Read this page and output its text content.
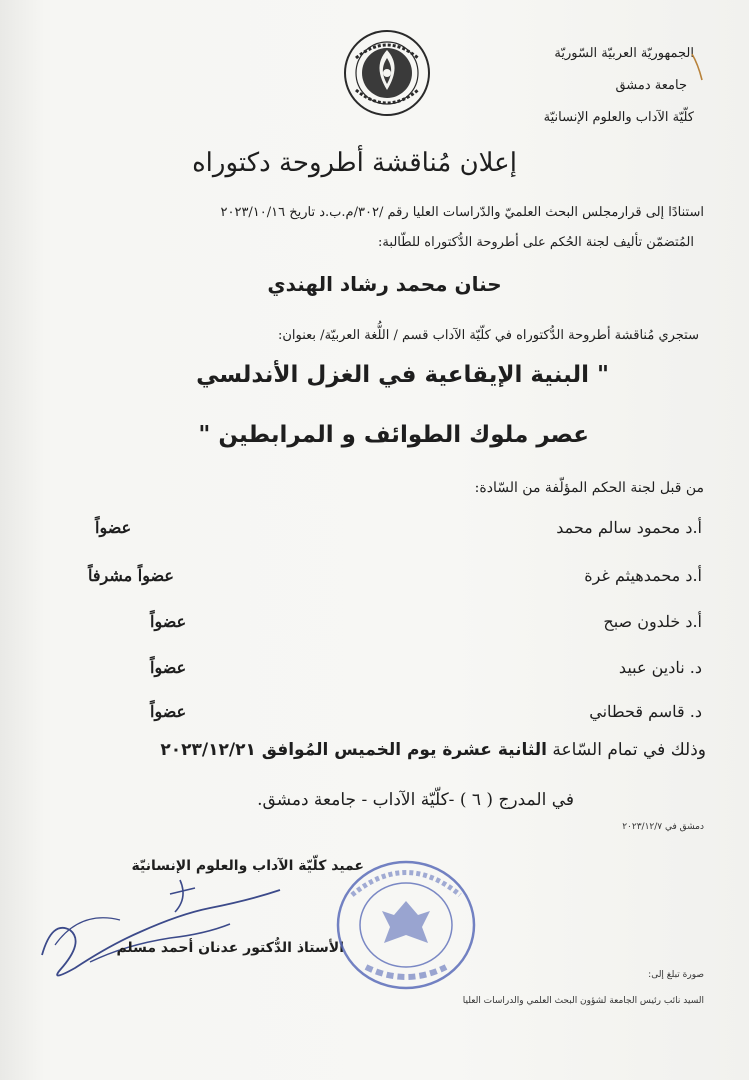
الجمهوريّة العربيّة السّوريّة
جامعة دمشق
كلّيّة الآداب والعلوم الإنسانيّة
إعلان مُناقشة أطروحة دكتوراه
استنادًا إلى قرارمجلس البحث العلميّ والدّراسات العليا رقم /٣٠٢/م.ب.د تاريخ ٢٠٢٣/١٠/١٦
المُتضمّن تأليف لجنة الحُكم على أطروحة الدُّكتوراه للطّالبة:
حنان محمد رشاد الهندي
ستجري مُناقشة أطروحة الدُّكتوراه في كلّيّة الآداب قسم / اللُّغة العربيّة/ بعنوان:
" البنية الإيقاعية في الغزل الأندلسي
عصر ملوك الطوائف و المرابطين "
من قبل لجنة الحكم المؤلّفة من السّادة:
أ.د محمود سالم محمد
عضواً
أ.د محمدهيثم غرة
عضواً مشرفاً
أ.د خلدون صبح
عضواً
د. نادين عبيد
عضواً
د. قاسم قحطاني
عضواً
وذلك في تمام السّاعة الثانية عشرة يوم الخميس المُوافق ٢٠٢٣/١٢/٢١
في المدرج ( ٦ ) -كلّيّة الآداب - جامعة دمشق.
دمشق في ٢٠٢٣/١٢/٧
عميد كلّيّة الآداب والعلوم الإنسانيّة
الأستاذ الدُّكتور عدنان أحمد مسلم
صورة تبلغ إلى:
السيد نائب رئيس الجامعة لشؤون البحث العلمي والدراسات العليا
